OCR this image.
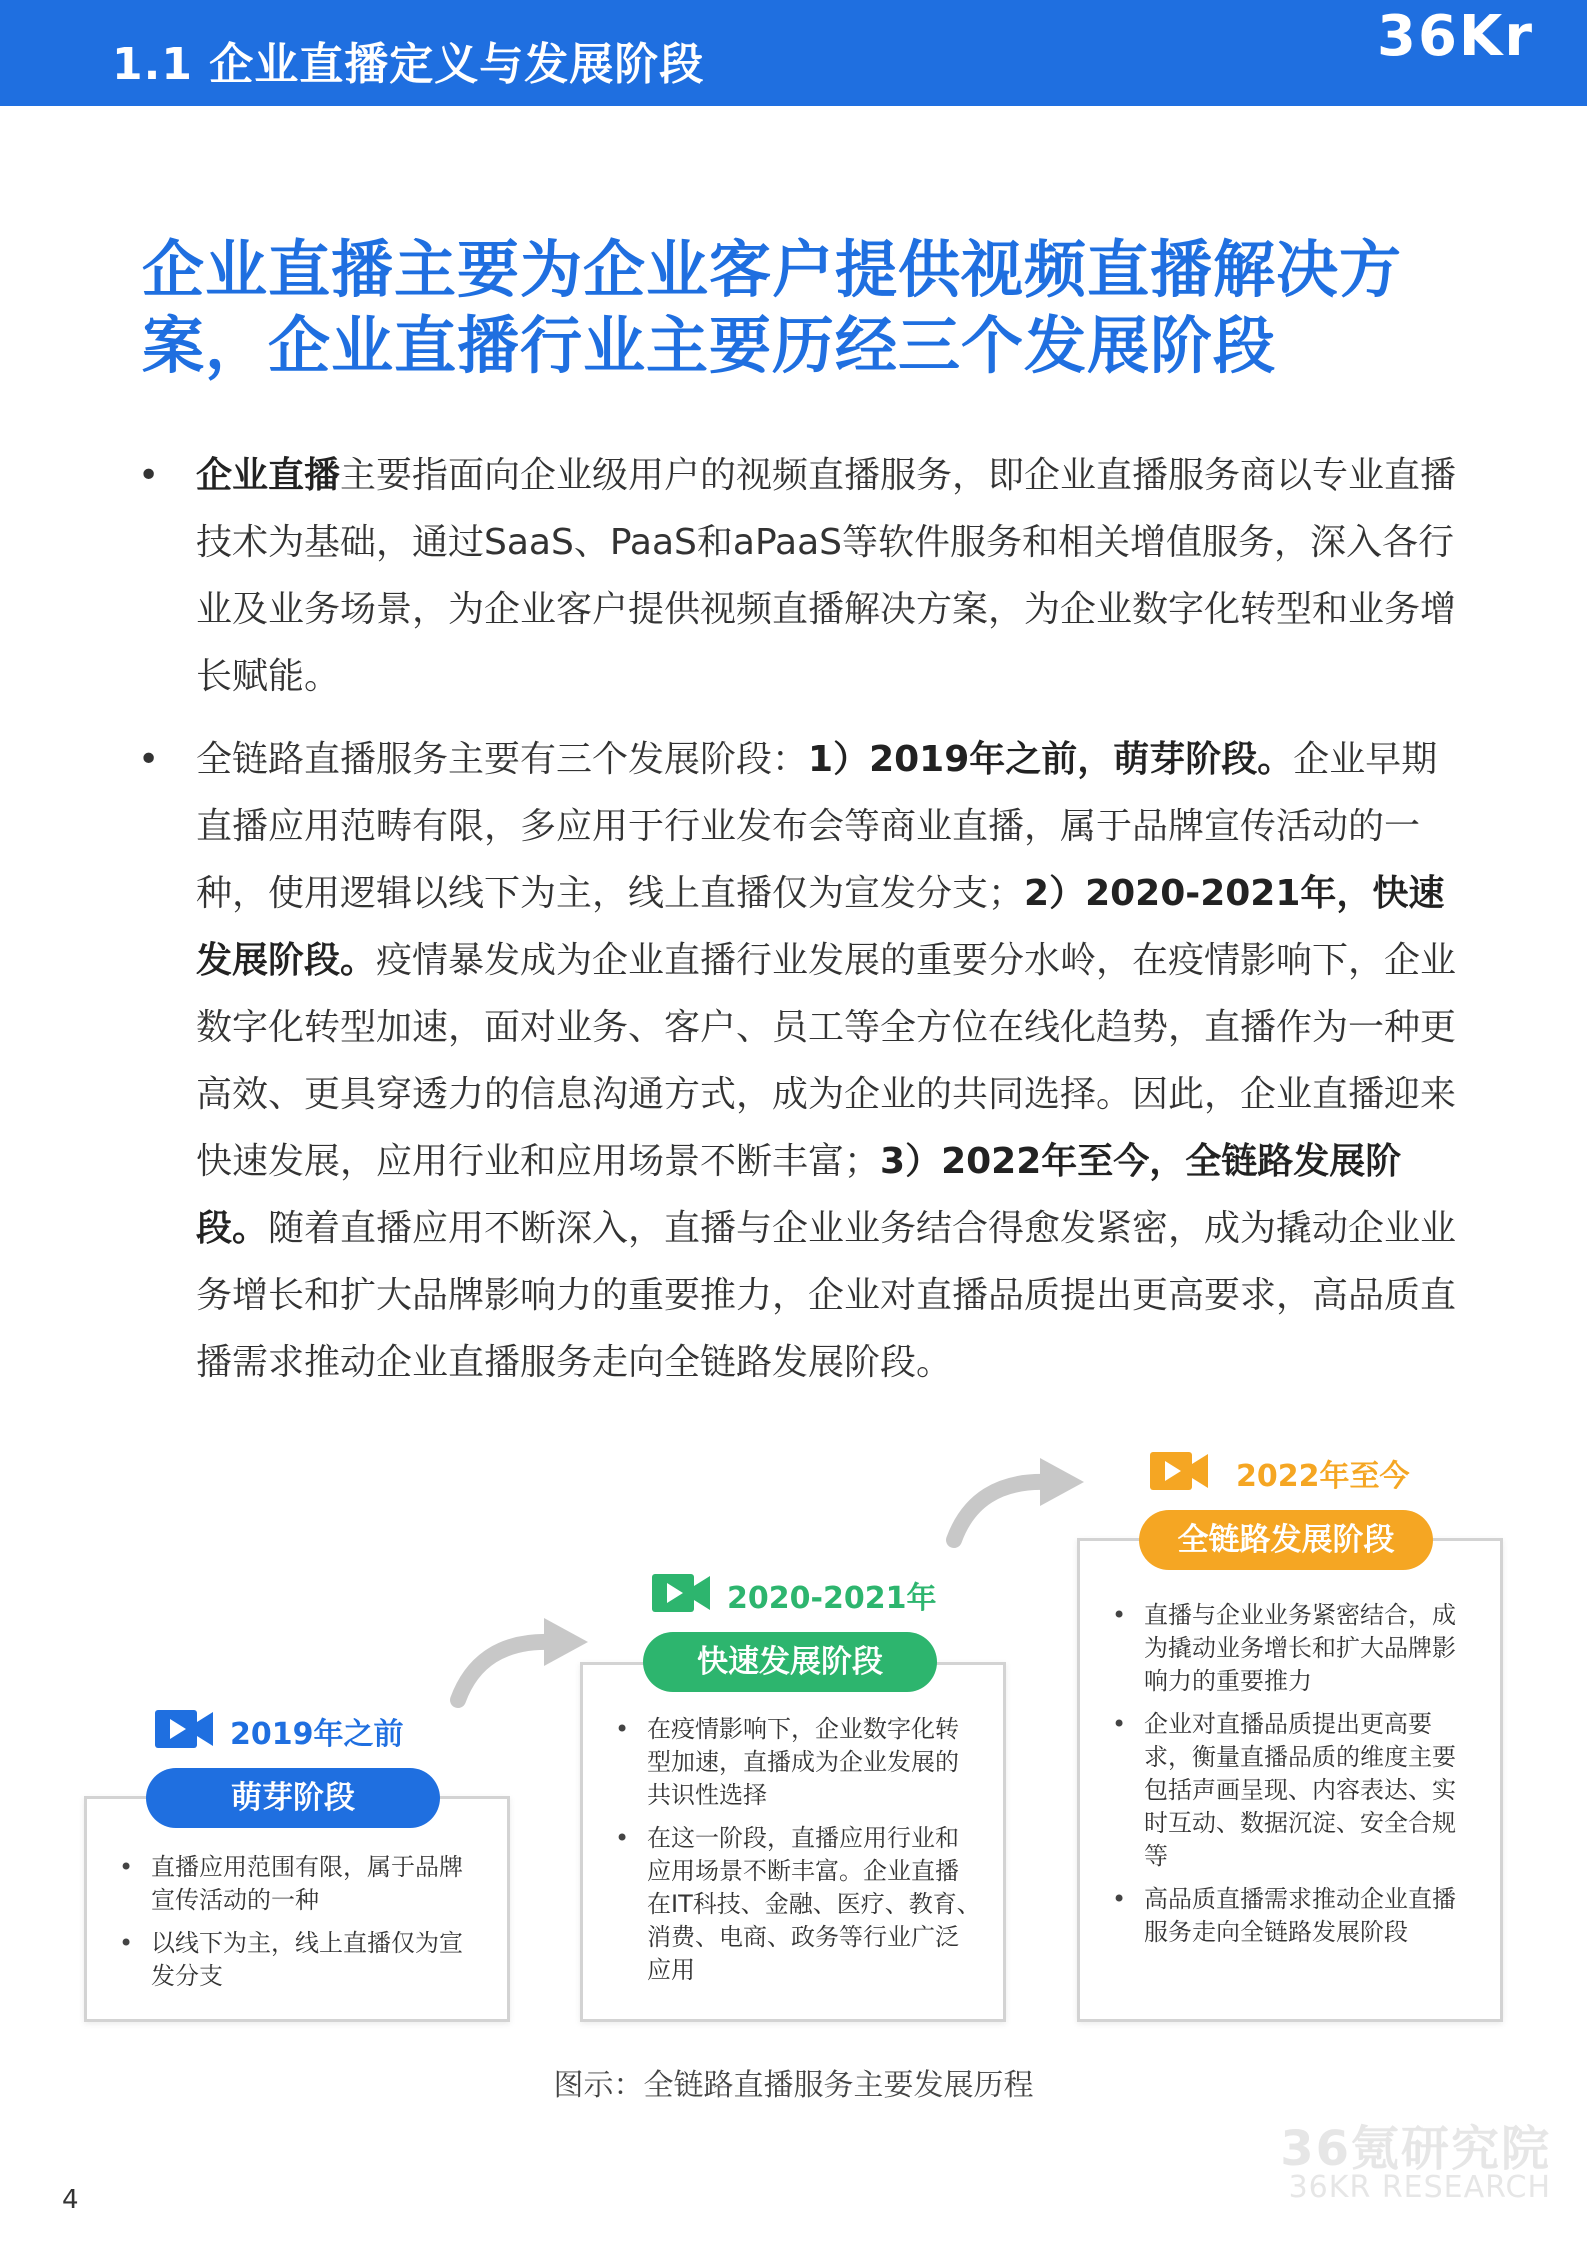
1.1 企业直播定义与发展阶段	36Kr
企业直播主要为企业客户提供视频直播解决方
案，企业直播行业主要历经三个发展阶段
• 企业直播主要指面向企业级用户的视频直播服务，即企业直播服务商以专业直播技术为基础，通过SaaS、PaaS和aPaaS等软件服务和相关增值服务，深入各行业及业务场景，为企业客户提供视频直播解决方案，为企业数字化转型和业务增长赋能。

• 全链路直播服务主要有三个发展阶段：1）2019年之前，萌芽阶段。企业早期直播应用范畴有限，多应用于行业发布会等商业直播，属于品牌宣传活动的一种，使用逻辑以线下为主，线上直播仅为宣发分支；2）2020-2021年，快速发展阶段。疫情暴发成为企业直播行业发展的重要分水岭，在疫情影响下，企业数字化转型加速，面对业务、客户、员工等全方位在线化趋势，直播作为一种更高效、更具穿透力的信息沟通方式，成为企业的共同选择。因此，企业直播迎来快速发展，应用行业和应用场景不断丰富；3）2022年至今，全链路发展阶段。随着直播应用不断深入，直播与企业业务结合得愈发紧密，成为撬动企业业务增长和扩大品牌影响力的重要推力，企业对直播品质提出更高要求，高品质直播需求推动企业直播服务走向全链路发展阶段。

• 直播应用范围有限，属于品牌宣传活动的一种
• 以线下为主，线上直播仅为宣发分支
2019年之前
萌芽阶段
• 在疫情影响下，企业数字化转型加速，直播成为企业发展的共识性选择
• 在这一阶段，直播应用行业和应用场景不断丰富。企业直播在IT科技、金融、医疗、教育、消费、电商、政务等行业广泛应用
2020-2021年
快速发展阶段
• 直播与企业业务紧密结合，成为撬动业务增长和扩大品牌影响力的重要推力
• 企业对直播品质提出更高要求，衡量直播品质的维度主要包括声画呈现、内容表达、实时互动、数据沉淀、安全合规等
• 高品质直播需求推动企业直播服务走向全链路发展阶段
2022年至今
全链路发展阶段
图示：全链路直播服务主要发展历程
4
36氪研究院
36KR RESEARCH
